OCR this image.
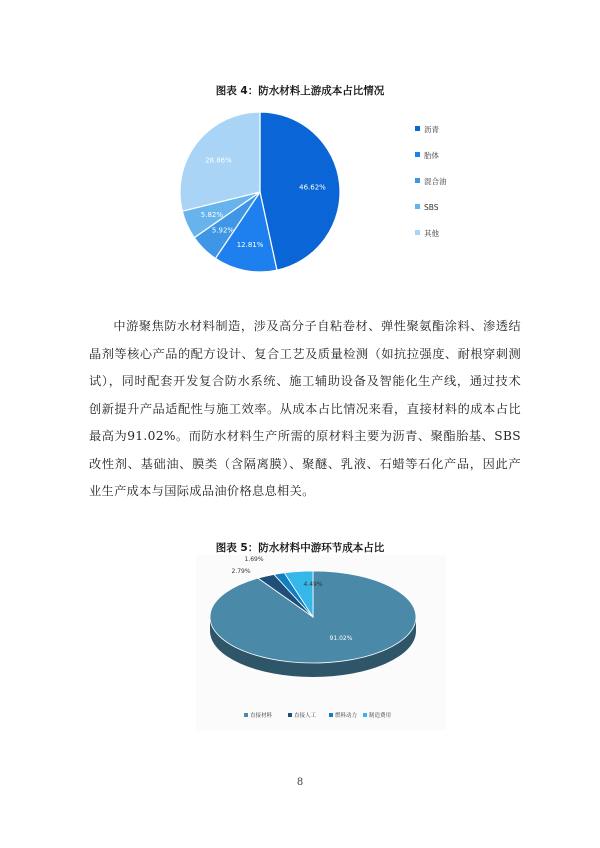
图表 4：防水材料上游成本占比情况
46.62%
12.81%
5.92%
5.82%
28.86%
沥青
胎体
混合油
SBS
其他

中游聚焦防水材料制造，涉及高分子自粘卷材、弹性聚氨酯涂料、渗透结晶剂等核心产品的配方设计、复合工艺及质量检测（如抗拉强度、耐根穿刺测试），同时配套开发复合防水系统、施工辅助设备及智能化生产线，通过技术创新提升产品适配性与施工效率。从成本占比情况来看，直接材料的成本占比最高为91.02%。而防水材料生产所需的原材料主要为沥青、聚酯胎基、SBS 改性剂、基础油、膜类（含隔离膜）、聚醚、乳液、石蜡等石化产品，因此产业生产成本与国际成品油价格息息相关。

图表 5：防水材料中游环节成本占比
91.02%
2.79%
1.69%
4.49%
直接材料	直接人工	燃料动力 制造费用
8
